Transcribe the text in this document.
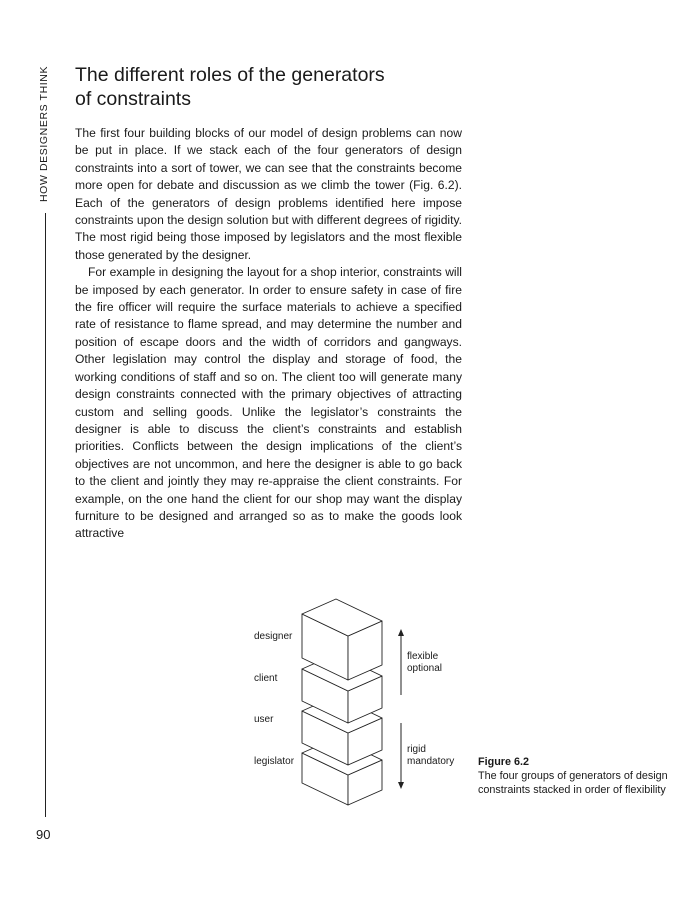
HOW DESIGNERS THINK
90
The different roles of the generators
of constraints

The first four building blocks of our model of design problems can now be put in place. If we stack each of the four generators of design constraints into a sort of tower, we can see that the constraints become more open for debate and discussion as we climb the tower (Fig. 6.2). Each of the generators of design problems identified here impose constraints upon the design solution but with different degrees of rigidity. The most rigid being those imposed by legislators and the most flexible those generated by the designer.

For example in designing the layout for a shop interior, constraints will be imposed by each generator. In order to ensure safety in case of fire the fire officer will require the surface materials to achieve a specified rate of resistance to flame spread, and may determine the number and position of escape doors and the width of corridors and gangways. Other legislation may control the display and storage of food, the working conditions of staff and so on. The client too will generate many design constraints connected with the primary objectives of attracting custom and selling goods. Unlike the legislator’s constraints the designer is able to discuss the client’s constraints and establish priorities. Conflicts between the design implications of the client’s objectives are not uncommon, and here the designer is able to go back to the client and jointly they may re-appraise the client constraints. For example, on the one hand the client for our shop may want the display furniture to be designed and arranged so as to make the goods look attractive

designer
client
user
legislator
flexible
optional
rigid
mandatory Figure 6.2
The four groups of generators of design constraints stacked in order of flexibility
